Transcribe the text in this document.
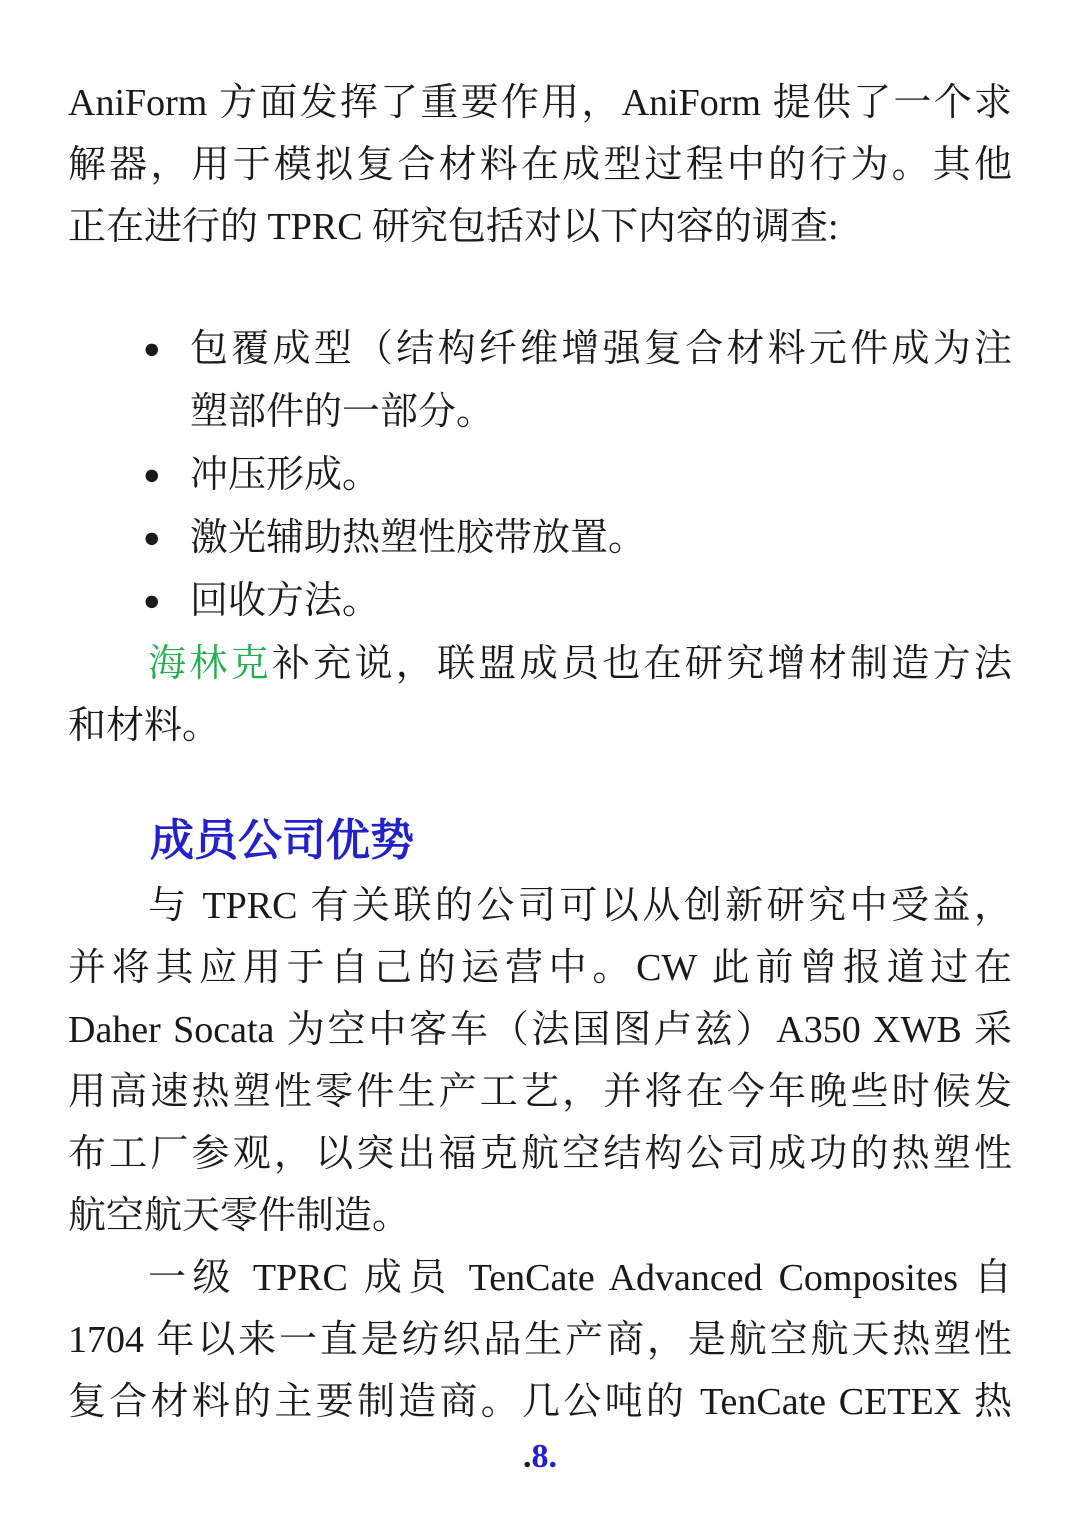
AniForm 方面发挥了重要作用，AniForm 提供了一个求
解器，用于模拟复合材料在成型过程中的行为。其他
正在进行的 TPRC 研究包括对以下内容的调查:
● 包覆成型（结构纤维增强复合材料元件成为注
塑部件的一部分。
● 冲压形成。
● 激光辅助热塑性胶带放置。
● 回收方法。
海林克补充说，联盟成员也在研究增材制造方法
和材料。
成员公司优势
与 TPRC 有关联的公司可以从创新研究中受益，
并将其应用于自己的运营中。CW 此前曾报道过在
Daher Socata 为空中客车（法国图卢兹）A350 XWB 采
用高速热塑性零件生产工艺，并将在今年晚些时候发
布工厂参观，以突出福克航空结构公司成功的热塑性
航空航天零件制造。
一级 TPRC 成员 TenCate Advanced Composites 自
1704 年以来一直是纺织品生产商，是航空航天热塑性
复合材料的主要制造商。几公吨的 TenCate CETEX 热
.8.
